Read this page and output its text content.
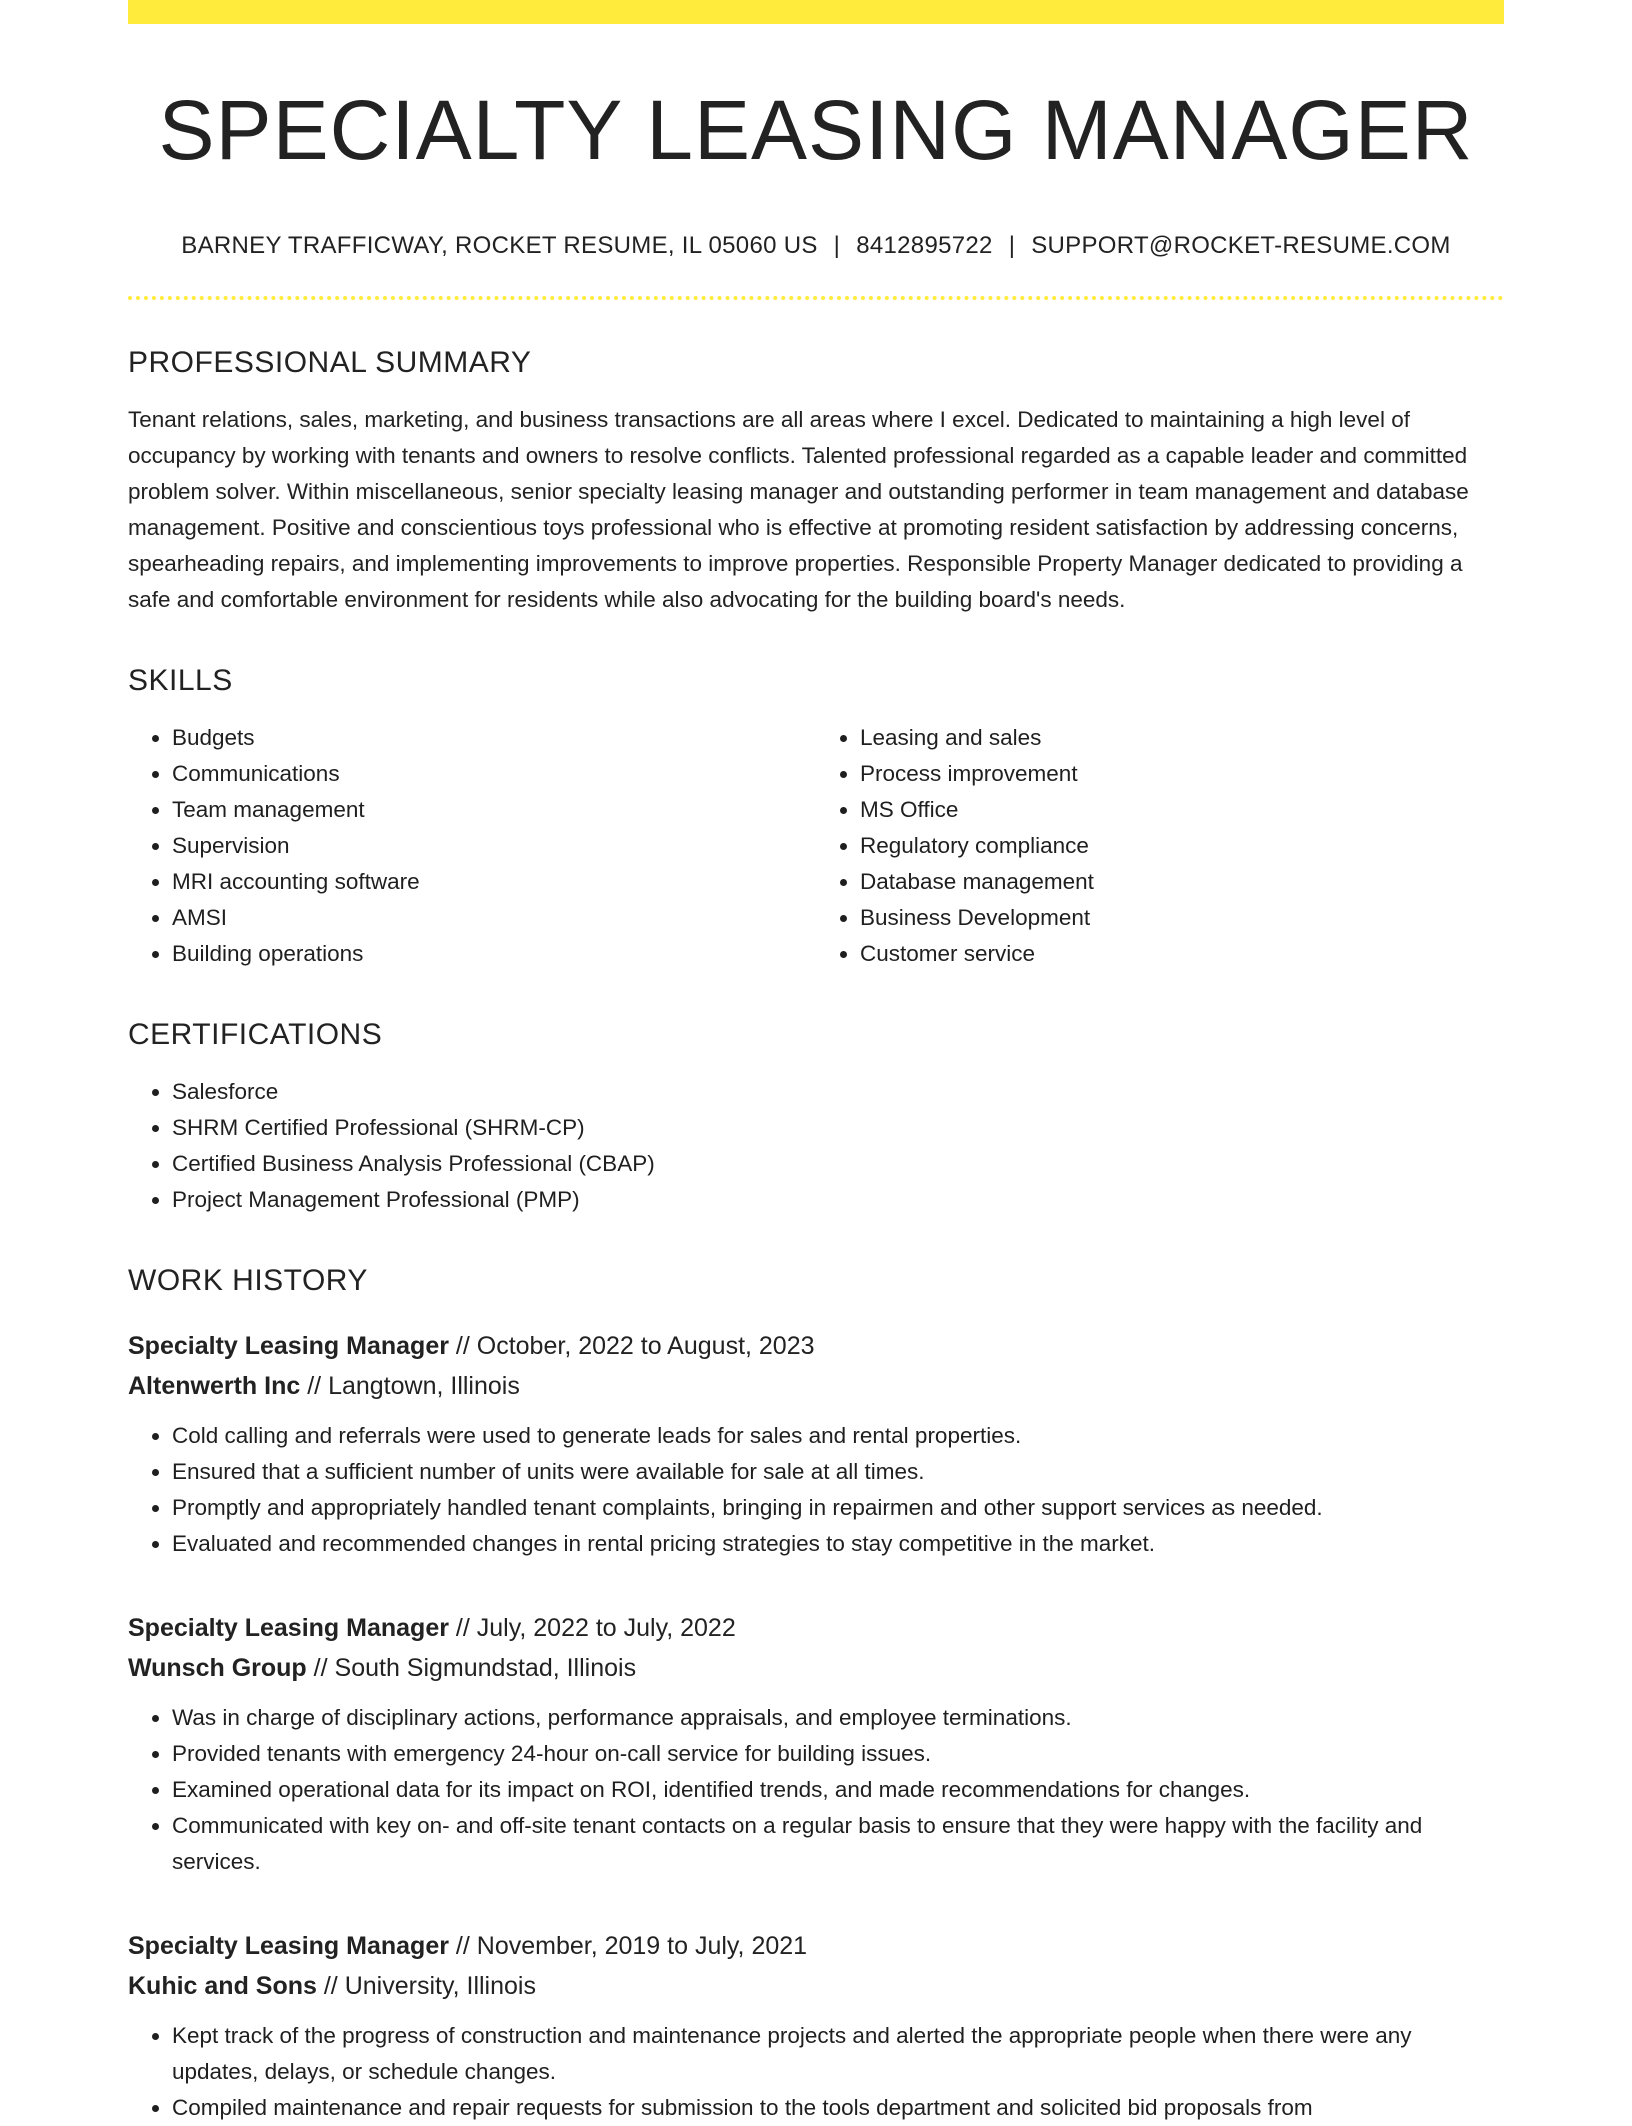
SPECIALTY LEASING MANAGER
BARNEY TRAFFICWAY, ROCKET RESUME, IL 05060 US | 8412895722 | SUPPORT@ROCKET-RESUME.COM
PROFESSIONAL SUMMARY

Tenant relations, sales, marketing, and business transactions are all areas where I excel. Dedicated to maintaining a high level of occupancy by working with tenants and owners to resolve conflicts. Talented professional regarded as a capable leader and committed problem solver. Within miscellaneous, senior specialty leasing manager and outstanding performer in team management and database management. Positive and conscientious toys professional who is effective at promoting resident satisfaction by addressing concerns, spearheading repairs, and implementing improvements to improve properties. Responsible Property Manager dedicated to providing a safe and comfortable environment for residents while also advocating for the building board's needs.

SKILLS
• Budgets
• Communications
• Team management
• Supervision
• MRI accounting software
• AMSI
• Building operations
• Leasing and sales
• Process improvement
• MS Office
• Regulatory compliance
• Database management
• Business Development
• Customer service
CERTIFICATIONS
• Salesforce
• SHRM Certified Professional (SHRM-CP)
• Certified Business Analysis Professional (CBAP)
• Project Management Professional (PMP)
WORK HISTORY
Specialty Leasing Manager // October, 2022 to August, 2023
Altenwerth Inc // Langtown, Illinois
• Cold calling and referrals were used to generate leads for sales and rental properties.
• Ensured that a sufficient number of units were available for sale at all times.
• Promptly and appropriately handled tenant complaints, bringing in repairmen and other support services as needed.
• Evaluated and recommended changes in rental pricing strategies to stay competitive in the market.
Specialty Leasing Manager // July, 2022 to July, 2022
Wunsch Group // South Sigmundstad, Illinois
• Was in charge of disciplinary actions, performance appraisals, and employee terminations.
• Provided tenants with emergency 24-hour on-call service for building issues.
• Examined operational data for its impact on ROI, identified trends, and made recommendations for changes.
• Communicated with key on- and off-site tenant contacts on a regular basis to ensure that they were happy with the facility and services.
Specialty Leasing Manager // November, 2019 to July, 2021
Kuhic and Sons // University, Illinois
• Kept track of the progress of construction and maintenance projects and alerted the appropriate people when there were any updates, delays, or schedule changes.
• Compiled maintenance and repair requests for submission to the tools department and solicited bid proposals from
